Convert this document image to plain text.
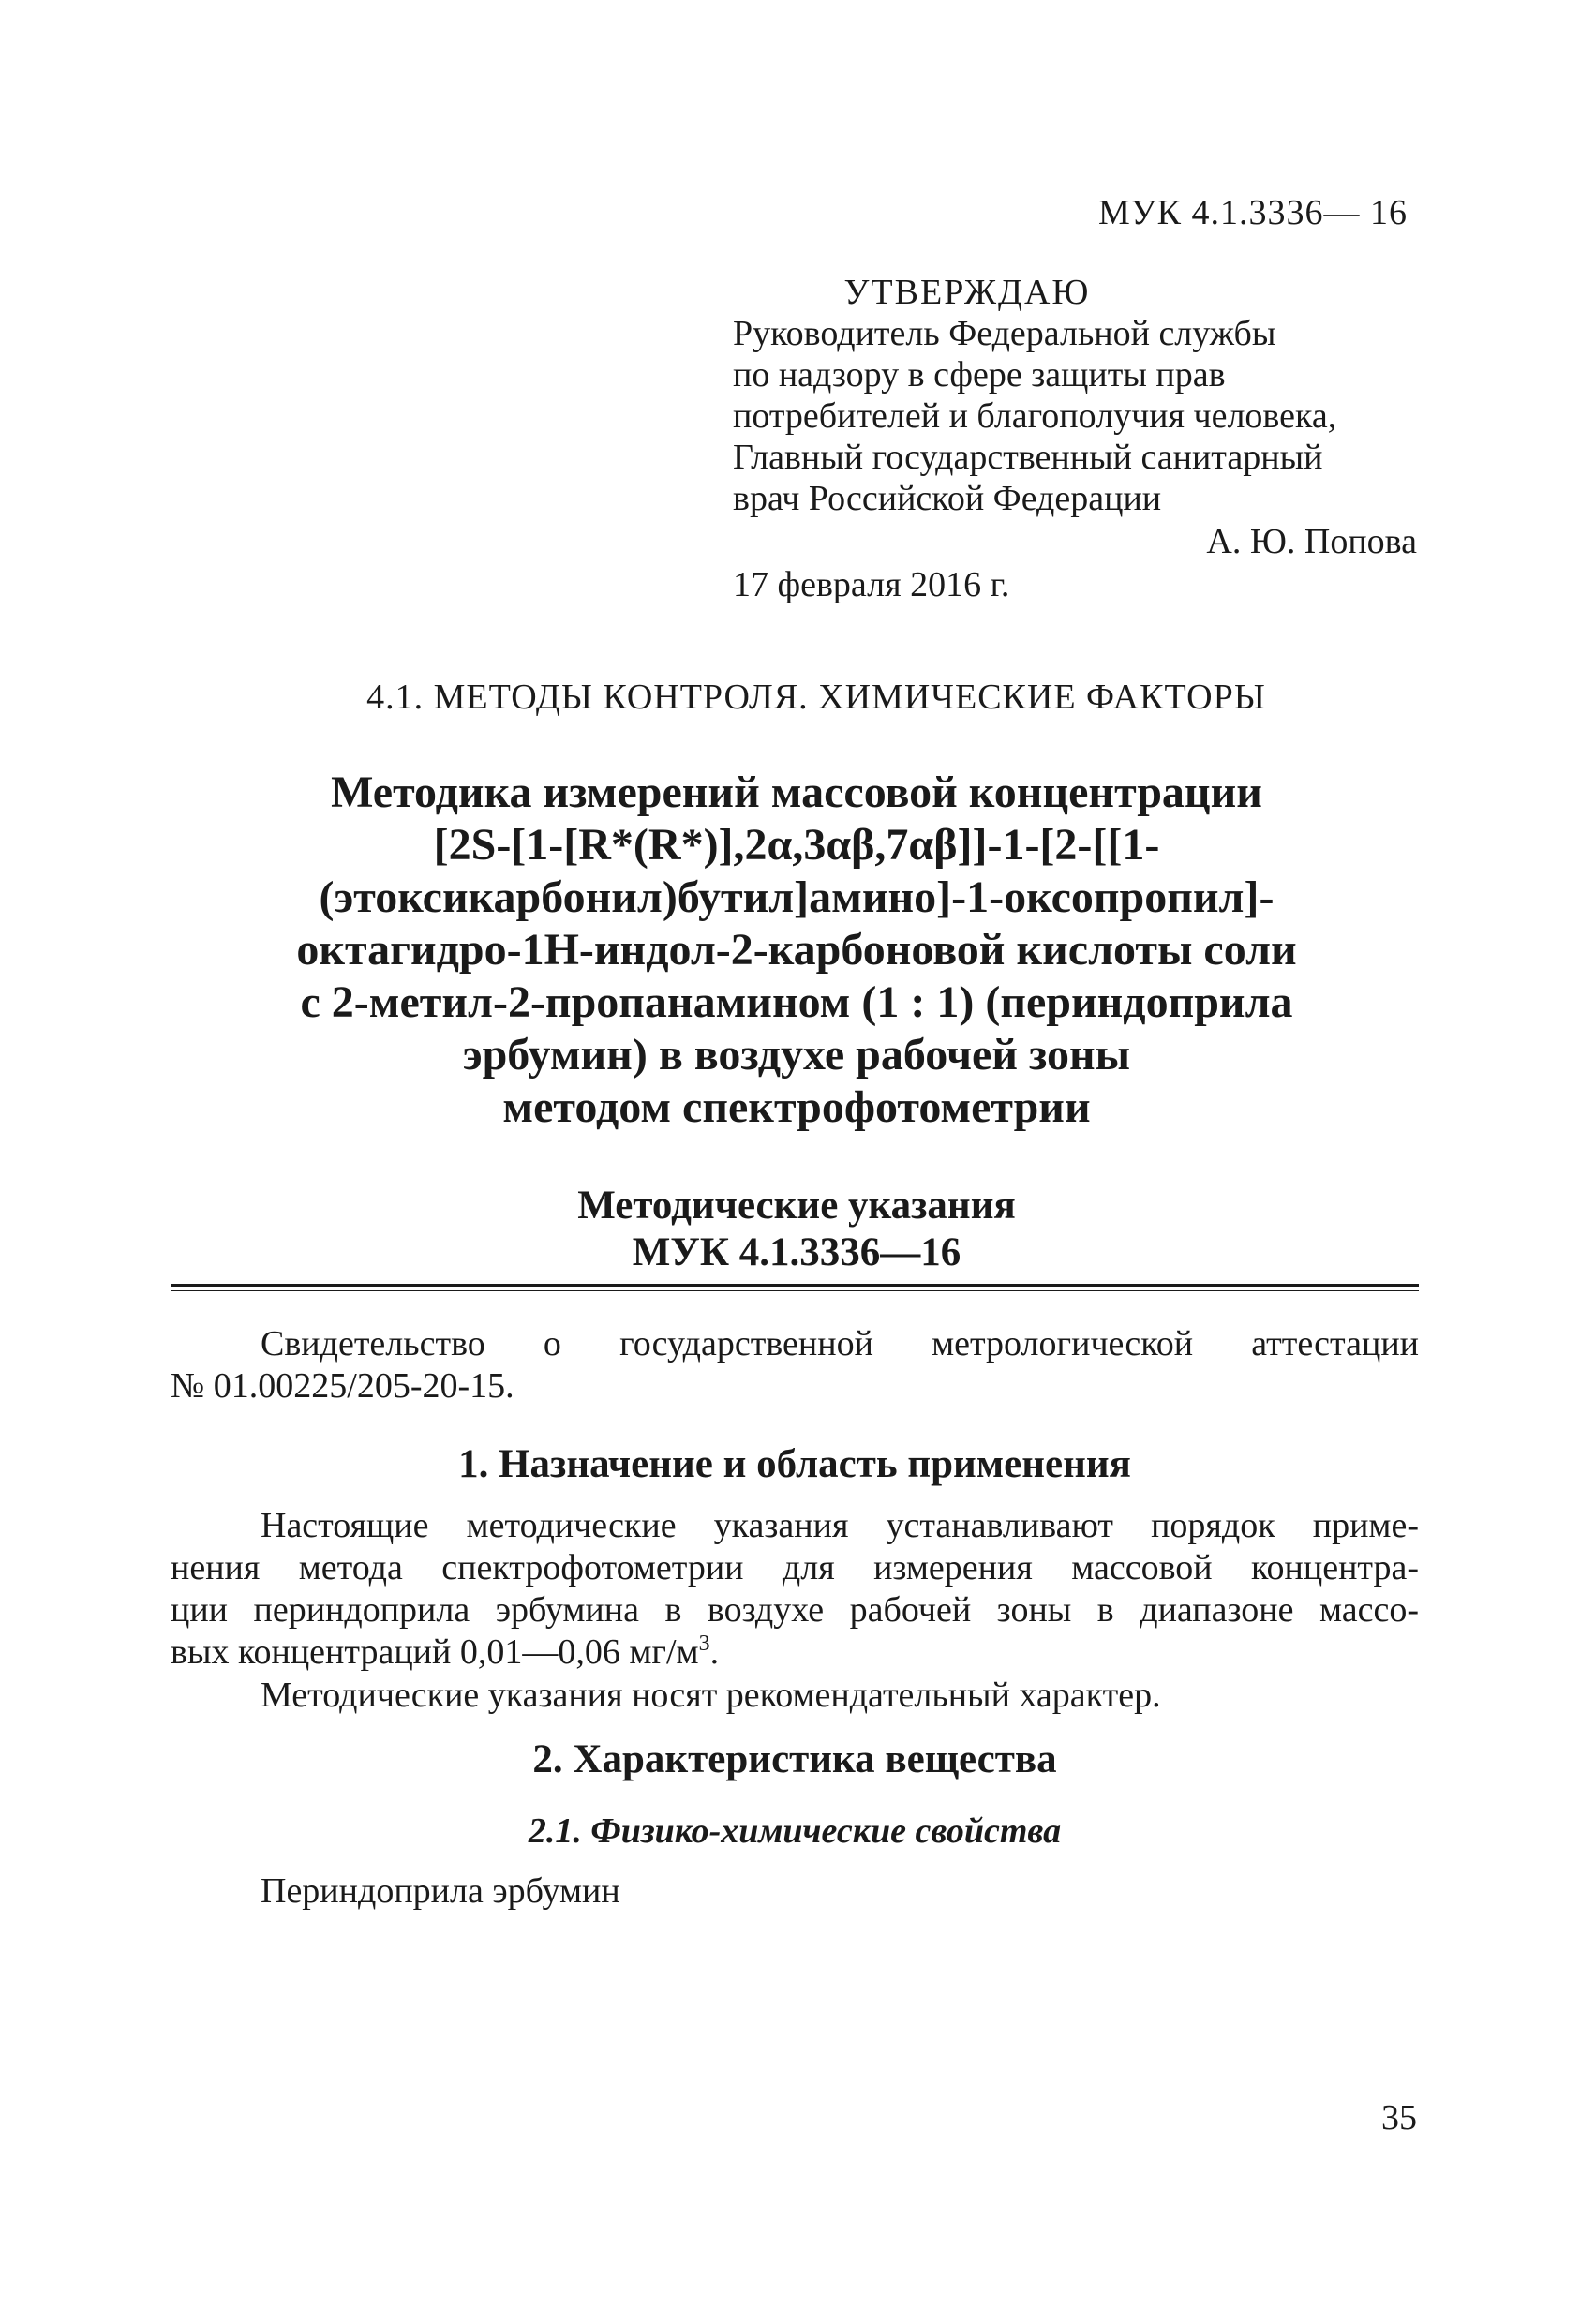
МУК 4.1.3336— 16
УТВЕРЖДАЮ
Руководитель Федеральной службы
по надзору в сфере защиты прав
потребителей и благополучия человека,
Главный государственный санитарный
врач Российской Федерации
А. Ю. Попова
17 февраля 2016 г.
4.1. МЕТОДЫ КОНТРОЛЯ. ХИМИЧЕСКИЕ ФАКТОРЫ
Методика измерений массовой концентрации
[2S-[1-[R*(R*)],2α,3αβ,7αβ]]-1-[2-[[1-
(этоксикарбонил)бутил]амино]-1-оксопропил]-
октагидро-1Н-индол-2-карбоновой кислоты соли
с 2-метил-2-пропанамином (1 : 1) (периндоприла
эрбумин) в воздухе рабочей зоны
методом спектрофотометрии
Методические указания
МУК 4.1.3336—16
Свидетельство о государственной метрологической аттестации
№ 01.00225/205-20-15.
1. Назначение и область применения
Настоящие методические указания устанавливают порядок приме-
нения метода спектрофотометрии для измерения массовой концентра-
ции периндоприла эрбумина в воздухе рабочей зоны в диапазоне массо-
вых концентраций 0,01—0,06 $мг/м^3$.
Методические указания носят рекомендательный характер.
2. Характеристика вещества
2.1. Физико-химические свойства
Периндоприла эрбумин
35
